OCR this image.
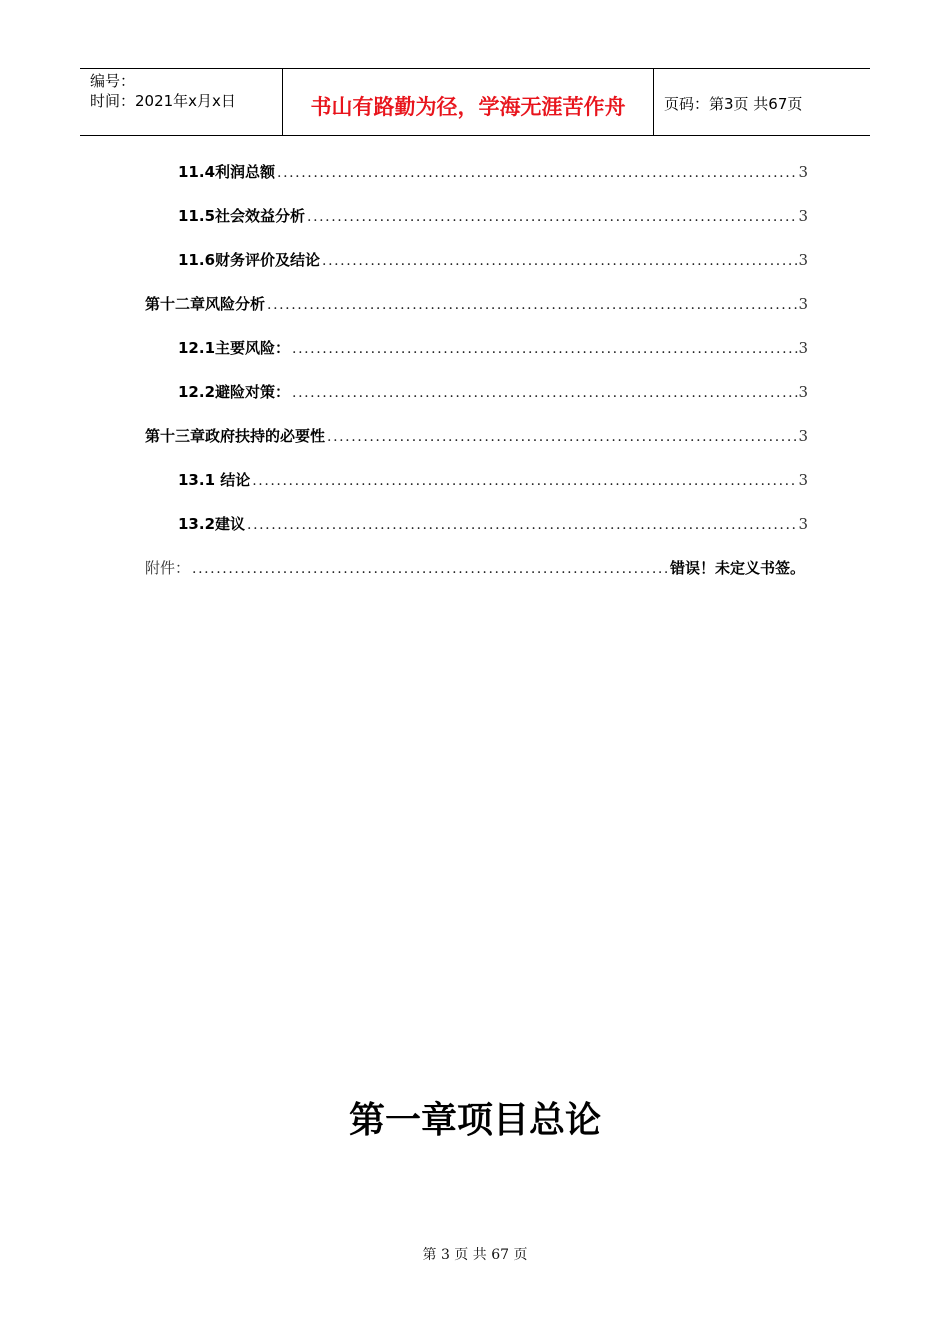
编号：
时间：2021年x月x日	书山有路勤为径，学海无涯苦作舟	页码：第3页 共67页
11.4利润总额 .....	3
11.5社会效益分析 .....	3
11.6财务评价及结论 .....	3
第十二章风险分析 .....	3
12.1主要风险： .....	3
12.2避险对策： .....	3
第十三章政府扶持的必要性 .....	3
13.1 结论 .....	3
13.2建议 .....	3
附件： .....	错误！未定义书签。
第一章项目总论
第 3 页 共 67 页
